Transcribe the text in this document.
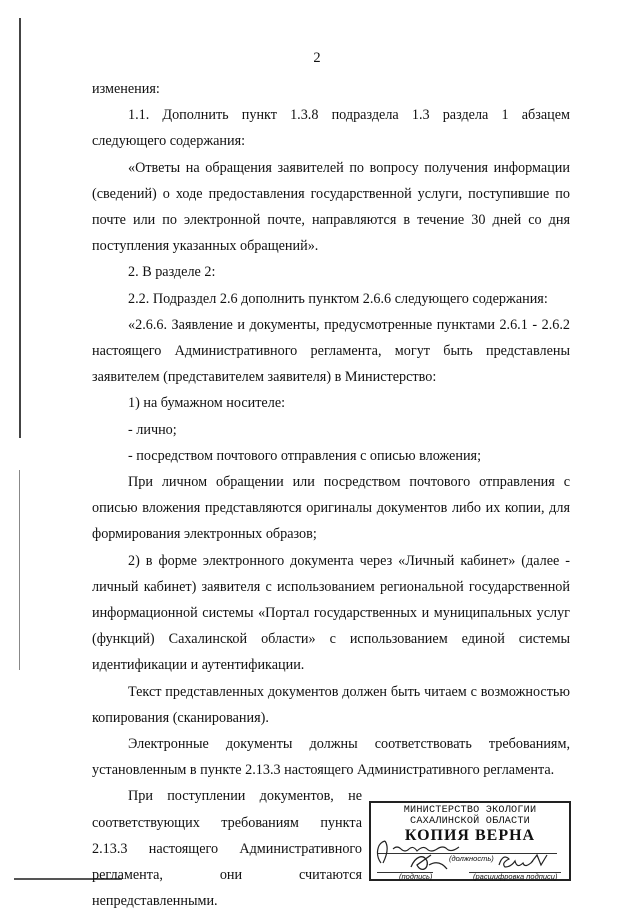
2

изменения:

1.1. Дополнить пункт 1.3.8 подраздела 1.3 раздела 1 абзацем следующего содержания:

«Ответы на обращения заявителей по вопросу получения информации (сведений) о ходе предоставления государственной услуги, поступившие по почте или по электронной почте, направляются в течение 30 дней со дня поступления указанных обращений».

2. В разделе 2:

2.2. Подраздел 2.6 дополнить пунктом 2.6.6 следующего содержания:

«2.6.6. Заявление и документы, предусмотренные пунктами 2.6.1 - 2.6.2 настоящего Административного регламента, могут быть представлены заявителем (представителем заявителя) в Министерство:

1) на бумажном носителе:

- лично;

- посредством почтового отправления с описью вложения;

При личном обращении или посредством почтового отправления с описью вложения представляются оригиналы документов либо их копии, для формирования электронных образов;

2) в форме электронного документа через «Личный кабинет» (далее - личный кабинет) заявителя с использованием региональной государственной информационной системы «Портал государственных и муниципальных услуг (функций) Сахалинской области» с использованием единой системы идентификации и аутентификации.

Текст представленных документов должен быть читаем с возможностью копирования (сканирования).

Электронные документы должны соответствовать требованиям, установленным в пункте 2.13.3 настоящего Административного регламента.

При поступлении документов, не соответствующих требованиям пункта 2.13.3 настоящего Административного регламента, они считаются непредставленными.

МИНИСТЕРСТВО ЭКОЛОГИИ
САХАЛИНСКОЙ ОБЛАСТИ
КОПИЯ ВЕРНА
(должность)
(подпись)	(расшифровка подписи)
